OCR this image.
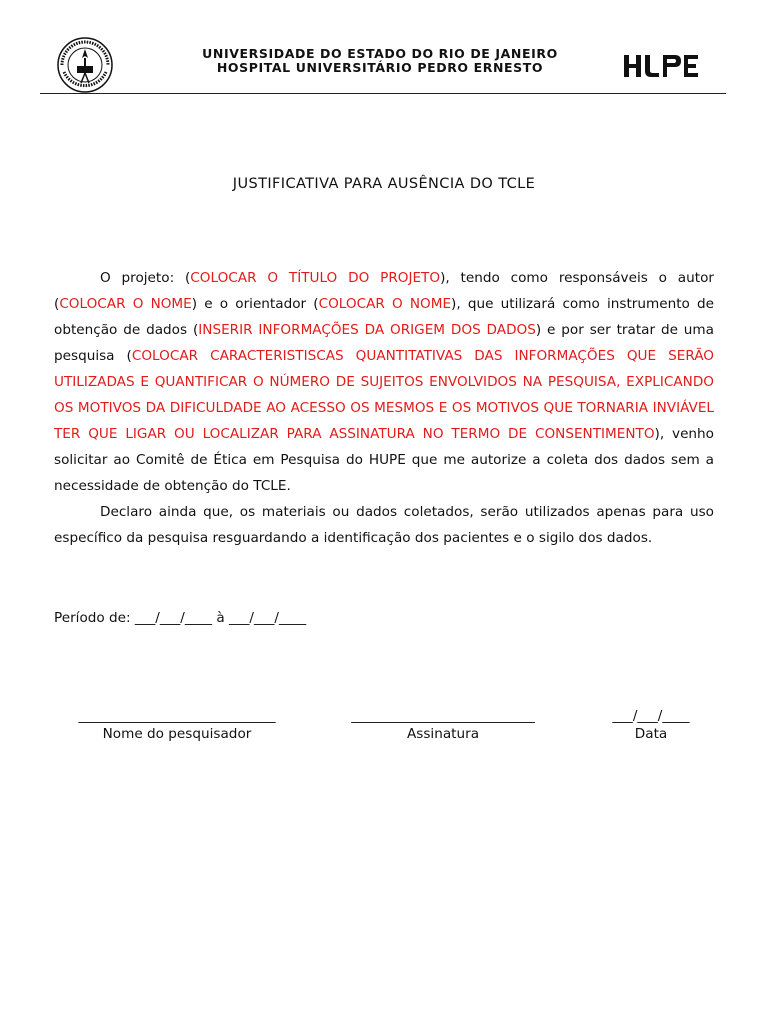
UNIVERSIDADE DO ESTADO DO RIO DE JANEIRO
HOSPITAL UNIVERSITÁRIO PEDRO ERNESTO
JUSTIFICATIVA PARA AUSÊNCIA DO TCLE

O projeto: (COLOCAR O TÍTULO DO PROJETO), tendo como responsáveis o autor (COLOCAR O NOME) e o orientador (COLOCAR O NOME), que utilizará como instrumento de obtenção de dados (INSERIR INFORMAÇÕES DA ORIGEM DOS DADOS) e por ser tratar de uma pesquisa (COLOCAR CARACTERISTISCAS QUANTITATIVAS DAS INFORMAÇÕES QUE SERÃO UTILIZADAS E QUANTIFICAR O NÚMERO DE SUJEITOS ENVOLVIDOS NA PESQUISA, EXPLICANDO OS MOTIVOS DA DIFICULDADE AO ACESSO OS MESMOS E OS MOTIVOS QUE TORNARIA INVIÁVEL TER QUE LIGAR OU LOCALIZAR PARA ASSINATURA NO TERMO DE CONSENTIMENTO), venho solicitar ao Comitê de Ética em Pesquisa do HUPE que me autorize a coleta dos dados sem a necessidade de obtenção do TCLE.

Declaro ainda que, os materiais ou dados coletados, serão utilizados apenas para uso específico da pesquisa resguardando a identificação dos pacientes e o sigilo dos dados.

Período de: ___/___/____ à ___/___/____
_____________________________
Nome do pesquisador
___________________________
Assinatura
___/___/____
Data
